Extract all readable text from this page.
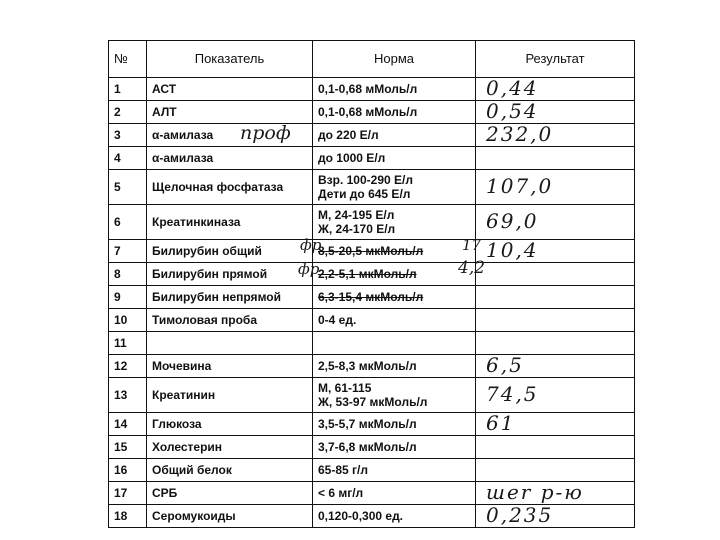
№	Показатель	Норма	Результат
1	АСТ	0,1-0,68 мМоль/л	0,44
2	АЛТ	0,1-0,68 мМоль/л	0,54
3	α-амилаза	до 220 Е/л	232,0
4	α-амилаза	до 1000 Е/л	

5	Щелочная фосфатаза	Взр. 100-290 Е/л
Дети до 645 Е/л	107,0
6	Креатинкиназа	М, 24-195 Е/л
Ж, 24-170 Е/л	69,0
7	Билирубин общий	8,5-20,5 мкМоль/л	10,4
8	Билирубин прямой	2,2-5,1 мкМоль/л	

9	Билирубин непрямой	6,3-15,4 мкМоль/л	

10	Тимоловая проба	0-4 ед.	

11		

12	Мочевина	2,5-8,3 мкМоль/л	6,5
13	Креатинин	М, 61-115
Ж, 53-97 мкМоль/л	74,5
14	Глюкоза	3,5-5,7 мкМоль/л	61
15	Холестерин	3,7-6,8 мкМоль/л	

16	Общий белок	65-85 г/л	

17	СРБ	< 6 мг/л	шеr р-ю
18	Серомукоиды	0,120-0,300 ед.	0,235
проф
фр	17
фр	4,2
